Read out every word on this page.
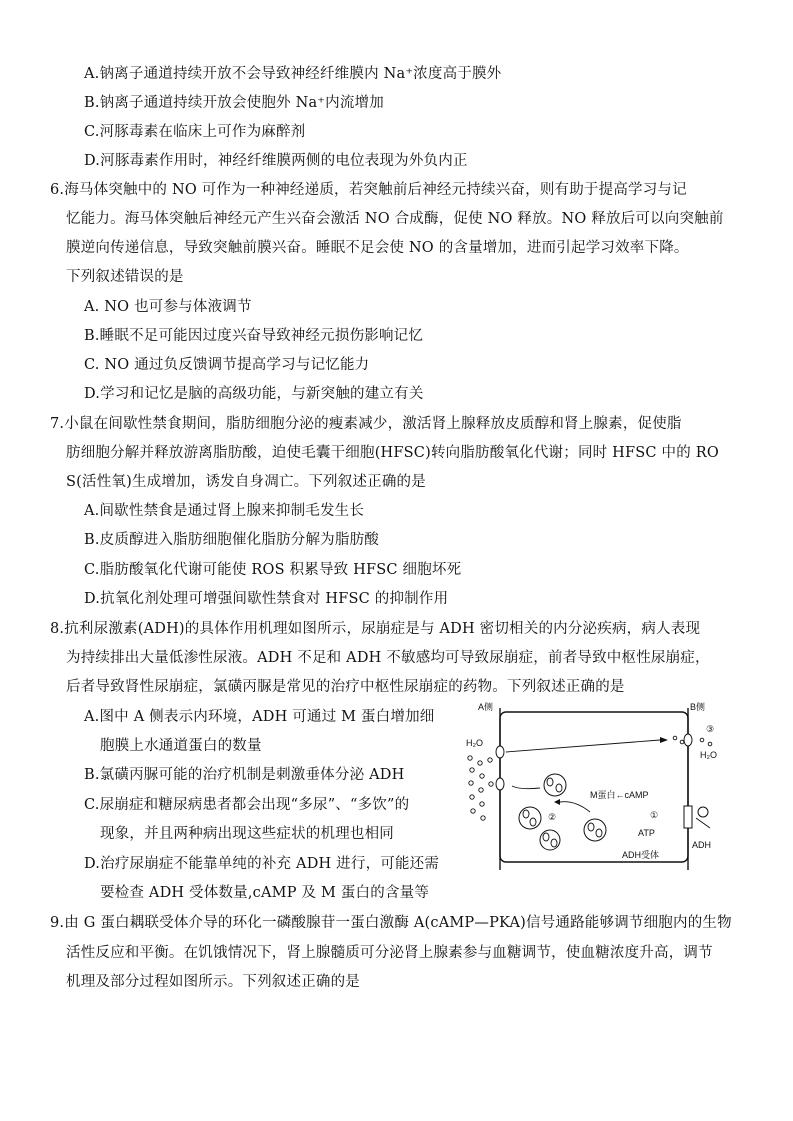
A.钠离子通道持续开放不会导致神经纤维膜内 Na⁺浓度高于膜外
B.钠离子通道持续开放会使胞外 Na⁺内流增加
C.河豚毒素在临床上可作为麻醉剂
D.河豚毒素作用时，神经纤维膜两侧的电位表现为外负内正
6.海马体突触中的 NO 可作为一种神经递质，若突触前后神经元持续兴奋，则有助于提高学习与记
忆能力。海马体突触后神经元产生兴奋会激活 NO 合成酶，促使 NO 释放。NO 释放后可以向突触前
膜逆向传递信息，导致突触前膜兴奋。睡眠不足会使 NO 的含量增加，进而引起学习效率下降。
下列叙述错误的是
A. NO 也可参与体液调节
B.睡眠不足可能因过度兴奋导致神经元损伤影响记忆
C. NO 通过负反馈调节提高学习与记忆能力
D.学习和记忆是脑的高级功能，与新突触的建立有关
7.小鼠在间歇性禁食期间，脂肪细胞分泌的瘦素减少，激活肾上腺释放皮质醇和肾上腺素，促使脂
肪细胞分解并释放游离脂肪酸，迫使毛囊干细胞(HFSC)转向脂肪酸氧化代谢；同时 HFSC 中的 RO
S(活性氧)生成增加，诱发自身凋亡。下列叙述正确的是
A.间歇性禁食是通过肾上腺来抑制毛发生长
B.皮质醇进入脂肪细胞催化脂肪分解为脂肪酸
C.脂肪酸氧化代谢可能使 ROS 积累导致 HFSC 细胞坏死
D.抗氧化剂处理可增强间歇性禁食对 HFSC 的抑制作用
8.抗利尿激素(ADH)的具体作用机理如图所示，尿崩症是与 ADH 密切相关的内分泌疾病，病人表现
为持续排出大量低渗性尿液。ADH 不足和 ADH 不敏感均可导致尿崩症，前者导致中枢性尿崩症，
后者导致肾性尿崩症，氯磺丙脲是常见的治疗中枢性尿崩症的药物。下列叙述正确的是
A.图中 A 侧表示内环境，ADH 可通过 M 蛋白增加细
胞膜上水通道蛋白的数量
B.氯磺丙脲可能的治疗机制是刺激垂体分泌 ADH
C.尿崩症和糖尿病患者都会出现“多尿”、“多饮”的
现象，并且两种病出现这些症状的机理也相同
D.治疗尿崩症不能靠单纯的补充 ADH 进行，可能还需
要检查 ADH 受体数量,cAMP 及 M 蛋白的含量等
A侧	B侧
H₂O
③
H₂O
②
M蛋白←cAMP
①
ATP
ADH受体
ADH
9.由 G 蛋白耦联受体介导的环化一磷酸腺苷一蛋白激酶 A(cAMP—PKA)信号通路能够调节细胞内的生物
活性反应和平衡。在饥饿情况下，肾上腺髓质可分泌肾上腺素参与血糖调节，使血糖浓度升高，调节
机理及部分过程如图所示。下列叙述正确的是
